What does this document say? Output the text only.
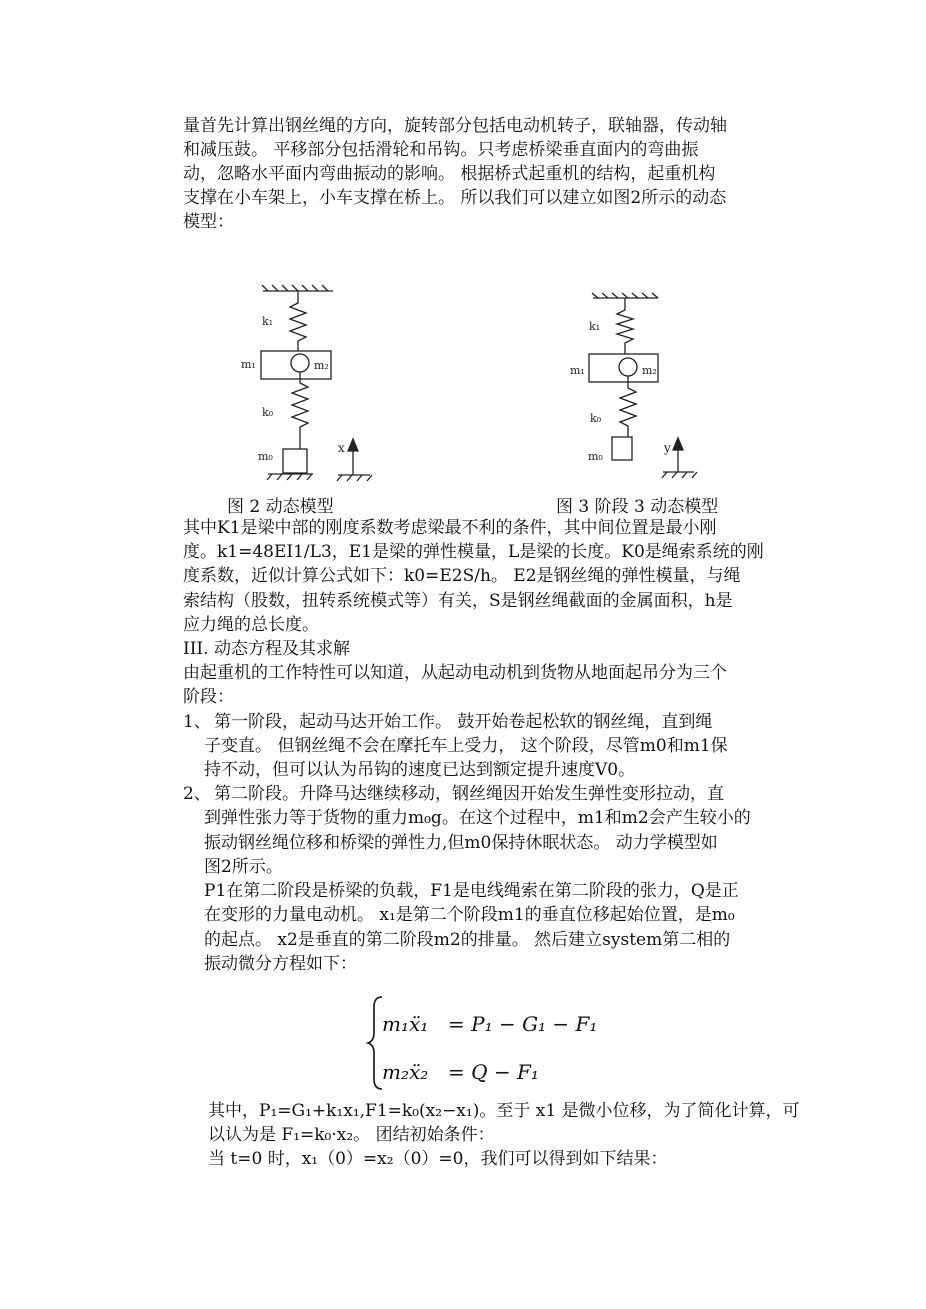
量首先计算出钢丝绳的方向，旋转部分包括电动机转子，联轴器，传动轴
和减压鼓。 平移部分包括滑轮和吊钩。只考虑桥梁垂直面内的弯曲振
动，忽略水平面内弯曲振动的影响。 根据桥式起重机的结构，起重机构
支撑在小车架上，小车支撑在桥上。 所以我们可以建立如图2所示的动态
模型：
k₁
m₁	m₂
k₀
m₀
x
图 2 动态模型
k₁
m₁	m₂
k₀
m₀
y
图 3 阶段 3 动态模型
其中K1是梁中部的刚度系数考虑梁最不利的条件，其中间位置是最小刚
度。k1=48EI1/L3，E1是梁的弹性模量，L是梁的长度。K0是绳索系统的刚
度系数，近似计算公式如下：k0=E2S/h。 E2是钢丝绳的弹性模量，与绳
索结构（股数，扭转系统模式等）有关，S是钢丝绳截面的金属面积，h是
应力绳的总长度。
III. 动态方程及其求解
由起重机的工作特性可以知道，从起动电动机到货物从地面起吊分为三个
阶段：
1、 第一阶段，起动马达开始工作。 鼓开始卷起松软的钢丝绳，直到绳
子变直。 但钢丝绳不会在摩托车上受力， 这个阶段，尽管m0和m1保
持不动，但可以认为吊钩的速度已达到额定提升速度V0。
2、 第二阶段。升降马达继续移动，钢丝绳因开始发生弹性变形拉动，直
到弹性张力等于货物的重力m₀g。在这个过程中，m1和m2会产生较小的
振动钢丝绳位移和桥梁的弹性力,但m0保持休眠状态。 动力学模型如
图2所示。
P1在第二阶段是桥梁的负载，F1是电线绳索在第二阶段的张力，Q是正
在变形的力量电动机。 x₁是第二个阶段m1的垂直位移起始位置，是m₀
的起点。 x2是垂直的第二阶段m2的排量。 然后建立system第二相的
振动微分方程如下：
m₁ẍ₁ = P₁ − G₁ − F₁
m₂ẍ₂ = Q − F₁
其中，P₁=G₁+k₁x₁,F1=k₀(x₂−x₁)。至于 x1 是微小位移，为了简化计算，可
以认为是 F₁=k₀·x₂。 团结初始条件：
当 t=0 时，x₁（0）=x₂（0）=0，我们可以得到如下结果：
